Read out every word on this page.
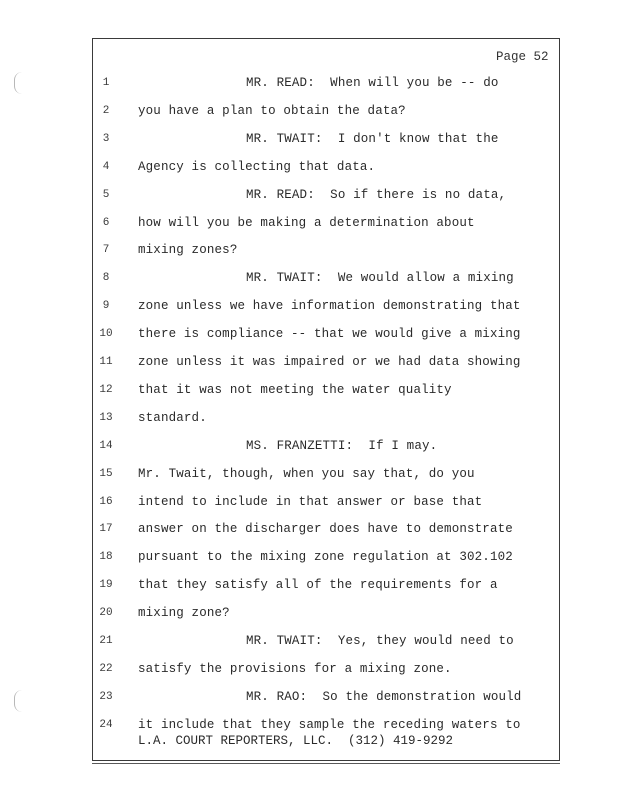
Page 52
1	MR. READ:  When will you be -- do
2	you have a plan to obtain the data?
3	MR. TWAIT:  I don't know that the
4	Agency is collecting that data.
5	MR. READ:  So if there is no data,
6	how will you be making a determination about
7	mixing zones?
8	MR. TWAIT:  We would allow a mixing
9	zone unless we have information demonstrating that
10	there is compliance -- that we would give a mixing
11	zone unless it was impaired or we had data showing
12	that it was not meeting the water quality
13	standard.
14	MS. FRANZETTI:  If I may.
15	Mr. Twait, though, when you say that, do you
16	intend to include in that answer or base that
17	answer on the discharger does have to demonstrate
18	pursuant to the mixing zone regulation at 302.102
19	that they satisfy all of the requirements for a
20	mixing zone?
21	MR. TWAIT:  Yes, they would need to
22	satisfy the provisions for a mixing zone.
23	MR. RAO:  So the demonstration would
24	it include that they sample the receding waters to
L.A. COURT REPORTERS, LLC.  (312) 419-9292
